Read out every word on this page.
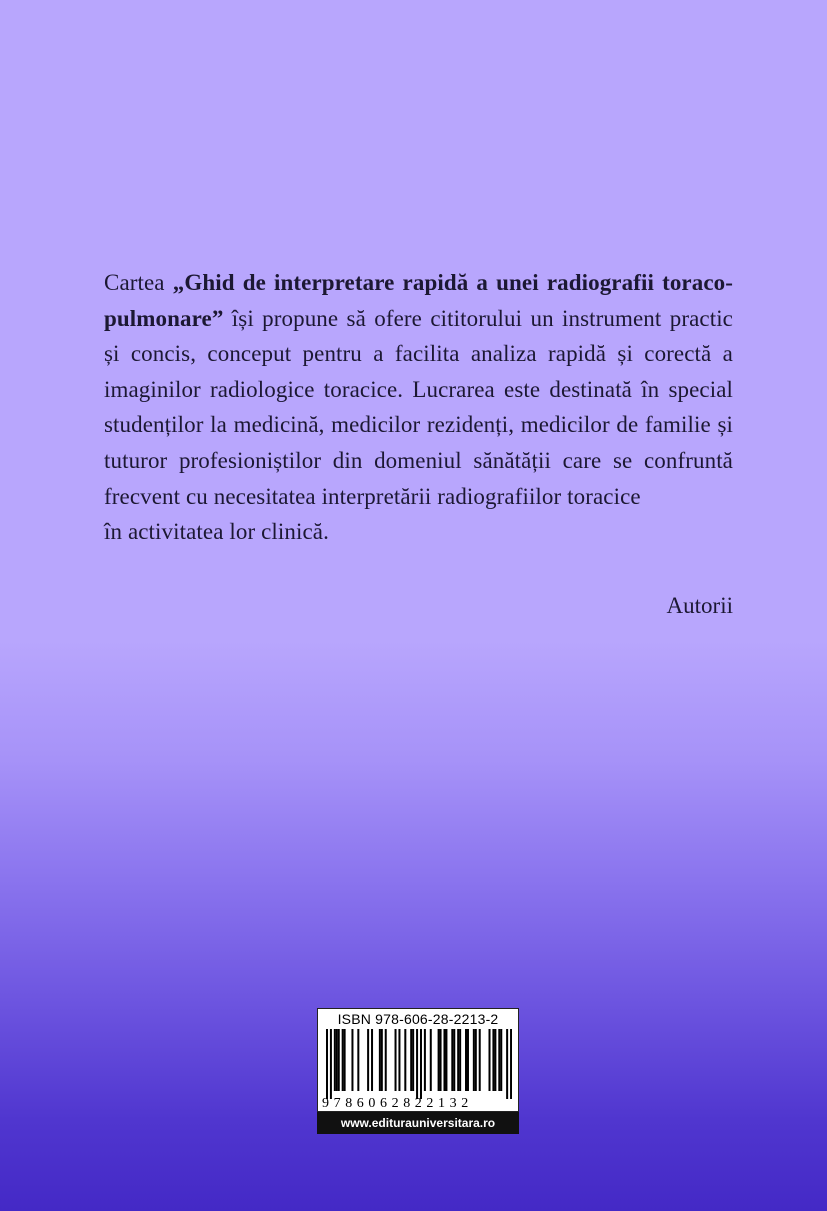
Cartea „Ghid de interpretare rapidă a unei radiografii toraco-pulmonare” își propune să ofere cititorului un instrument practic și concis, conceput pentru a facilita analiza rapidă și corectă a imaginilor radiologice toracice. Lucrarea este destinată în special studenților la medicină, medicilor rezidenți, medicilor de familie și tuturor profesioniștilor din domeniul sănătății care se confruntă frecvent cu necesitatea interpretării radiografiilor toracice

în activitatea lor clinică.

Autorii
ISBN 978-606-28-2213-2
9786062822132
www.editurauniversitara.ro
